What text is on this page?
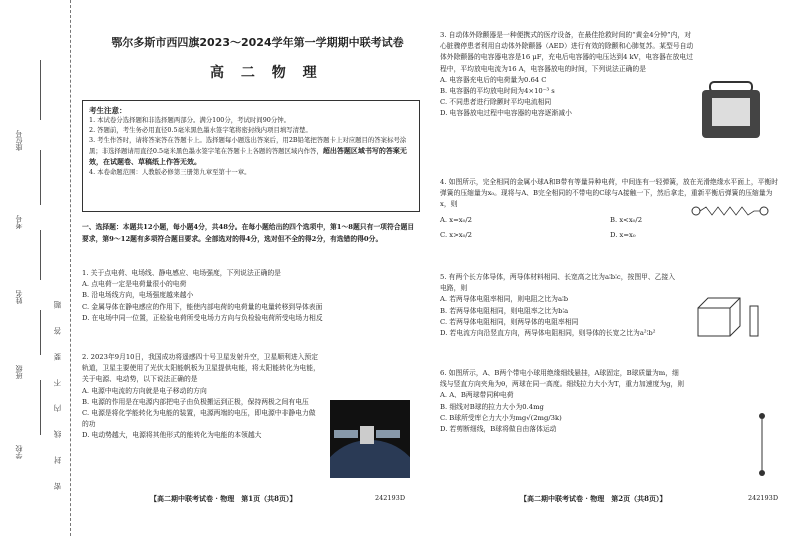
座位号
考号
姓名
班级
学校	密 封 线 内 不 要 答 题
鄂尔多斯市西四旗2023～2024学年第一学期期中联考试卷
高 二 物 理
考生注意：

1. 本试卷分选择题和非选择题两部分。满分100分，考试时间90分钟。

2. 答题前，考生务必用直径0.5毫米黑色墨水签字笔将密封线内项目填写清楚。

3. 考生作答时，请将答案答在答题卡上。选择题每小题选出答案后，用2B铅笔把答题卡上对应题目的答案标号涂黑；非选择题请用直径0.5毫米黑色墨水签字笔在答题卡上各题的答题区域内作答，超出答题区域书写的答案无效，在试题卷、草稿纸上作答无效。

4. 本卷命题范围：人教版必修第三册第九章至第十一章。

一、选择题：本题共12小题，每小题4分，共48分。在每小题给出的四个选项中，第1～8题只有一项符合题目要求，第9～12题有多项符合题目要求。全部选对的得4分，选对但不全的得2分，有选错的得0分。
1. 关于点电荷、电场线、静电感应、电场强度，下列说法正确的是
A. 点电荷一定是电荷量很小的电荷
B. 沿电场线方向，电场强度越来越小
C. 金属导体在静电感应的作用下，能使内部电荷的电荷量的电量转移到导体表面
D. 在电场中同一位置，正检验电荷所受电场力方向与负检验电荷所受电场力相反
2. 2023年9月10日，我国成功将遥感四十号卫星发射升空，卫星顺利进入预定轨道，卫星主要使用了光伏太阳能帆板为卫星提供电能，将太阳能转化为电能，关于电源、电动势，以下说法正确的是
A. 电源中电流的方向就是电子移动的方向
B. 电源的作用是在电源内部把电子由负极搬运到正极，保持两极之间有电压
C. 电源是将化学能转化为电能的装置，电源两端的电压，即电源中非静电力做的功
D. 电动势越大，电源将其他形式的能转化为电能的本领越大
【高二期中联考试卷 · 物理　第1页（共8页）】	242193D
3. 自动体外除颤器是一种便携式的医疗设备，在最佳抢救时间的“黄金4分钟”内，对心脏骤停患者利用自动体外除颤器（AED）进行有效的除颤和心肺复苏。某型号自动体外除颤器的电容器电容是16 μF，充电后电容器的电压达到4 kV，电容器在放电过程中，平均放电电流为16 A，电容器放电的时间，下列说法正确的是
A. 电容器充电后的电荷量为0.64 C
B. 电容器的平均放电时间为4×10⁻³ s
C. 不同患者进行除颤时平均电流相同
D. 电容器放电过程中电容器的电容逐渐减小
4. 如图所示，完全相同的金属小球A和B带有等量异种电荷，中间连有一轻弹簧，放在光滑绝缘水平面上，平衡时弹簧的压缩量为x₀。现将与A、B完全相同的不带电的C球与A接触一下，然后拿走，重新平衡后弹簧的压缩量为x，则
A. x=x₀/2	B. x<x₀/2
C. x>x₀/2	D. x=x₀
5. 有两个长方体导体，两导体材料相同、长宽高之比为a∶b∶c，按图甲、乙接入电路，则
A. 若两导体电阻率相同，则电阻之比为a∶b
B. 若两导体电阻相同，则电阻率之比为b∶a
C. 若两导体电阻相同，则两导体的电阻率相同
D. 若电流方向沿竖直方向，两导体电阻相同，则导体的长宽之比为a²∶b²
6. 如图所示，A、B两个带电小球用绝缘细线悬挂，A球固定，B球质量为m，细线与竖直方向夹角为θ，两球在同一高度。细线拉力大小为T，重力加速度为g，则
A. A、B两球带同种电荷
B. 细线对B球的拉力大小为0.4mg
C. B球所受库仑力大小为mg√(2mg/3k)
D. 若剪断细线，B球将做自由落体运动
【高二期中联考试卷 · 物理　第2页（共8页）】	242193D
